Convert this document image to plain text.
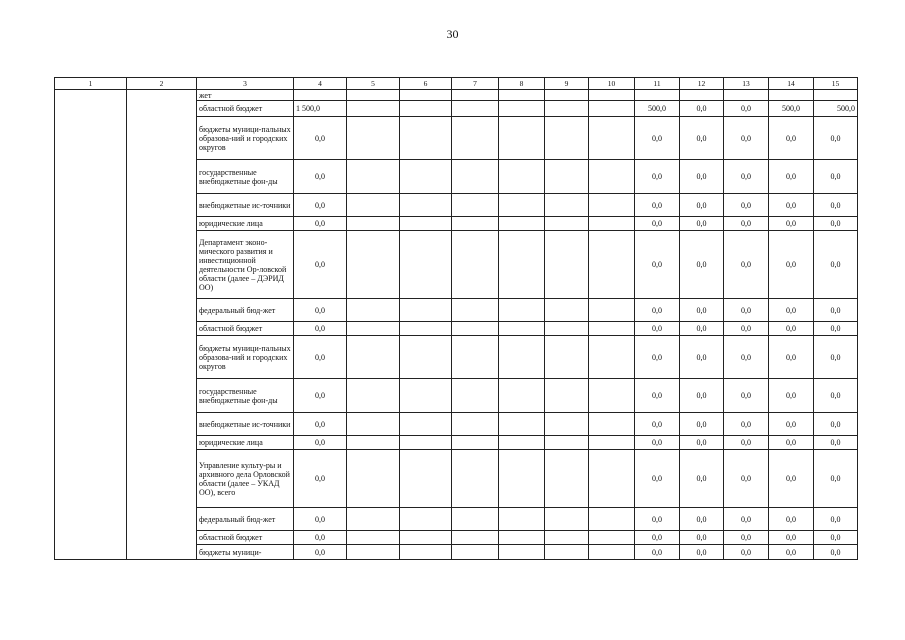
30
1	2	3	4	5	6	7	8	9	10	11	12	13	14	15
		жет												
		областной бюджет	1 500,0							500,0	0,0	0,0	500,0	500,0
		бюджеты муници-пальных образова-ний и городских округов	0,0							0,0	0,0	0,0	0,0	0,0
		государственные внебюджетные фон-ды	0,0							0,0	0,0	0,0	0,0	0,0
		внебюджетные ис-точники	0,0							0,0	0,0	0,0	0,0	0,0
		юридические лица	0,0							0,0	0,0	0,0	0,0	0,0
		Департамент эконо-мического развития и инвестиционной деятельности Ор-ловской области (далее – ДЭРИД ОО)	0,0							0,0	0,0	0,0	0,0	0,0
		федеральный бюд-жет	0,0							0,0	0,0	0,0	0,0	0,0
		областной бюджет	0,0							0,0	0,0	0,0	0,0	0,0
		бюджеты муници-пальных образова-ний и городских округов	0,0							0,0	0,0	0,0	0,0	0,0
		государственные внебюджетные фон-ды	0,0							0,0	0,0	0,0	0,0	0,0
		внебюджетные ис-точники	0,0							0,0	0,0	0,0	0,0	0,0
		юридические лица	0,0							0,0	0,0	0,0	0,0	0,0
		Управление культу-ры и архивного дела Орловской области (далее – УКАД ОО), всего	0,0							0,0	0,0	0,0	0,0	0,0
		федеральный бюд-жет	0,0							0,0	0,0	0,0	0,0	0,0
		областной бюджет	0,0							0,0	0,0	0,0	0,0	0,0
		бюджеты муници-	0,0							0,0	0,0	0,0	0,0	0,0
